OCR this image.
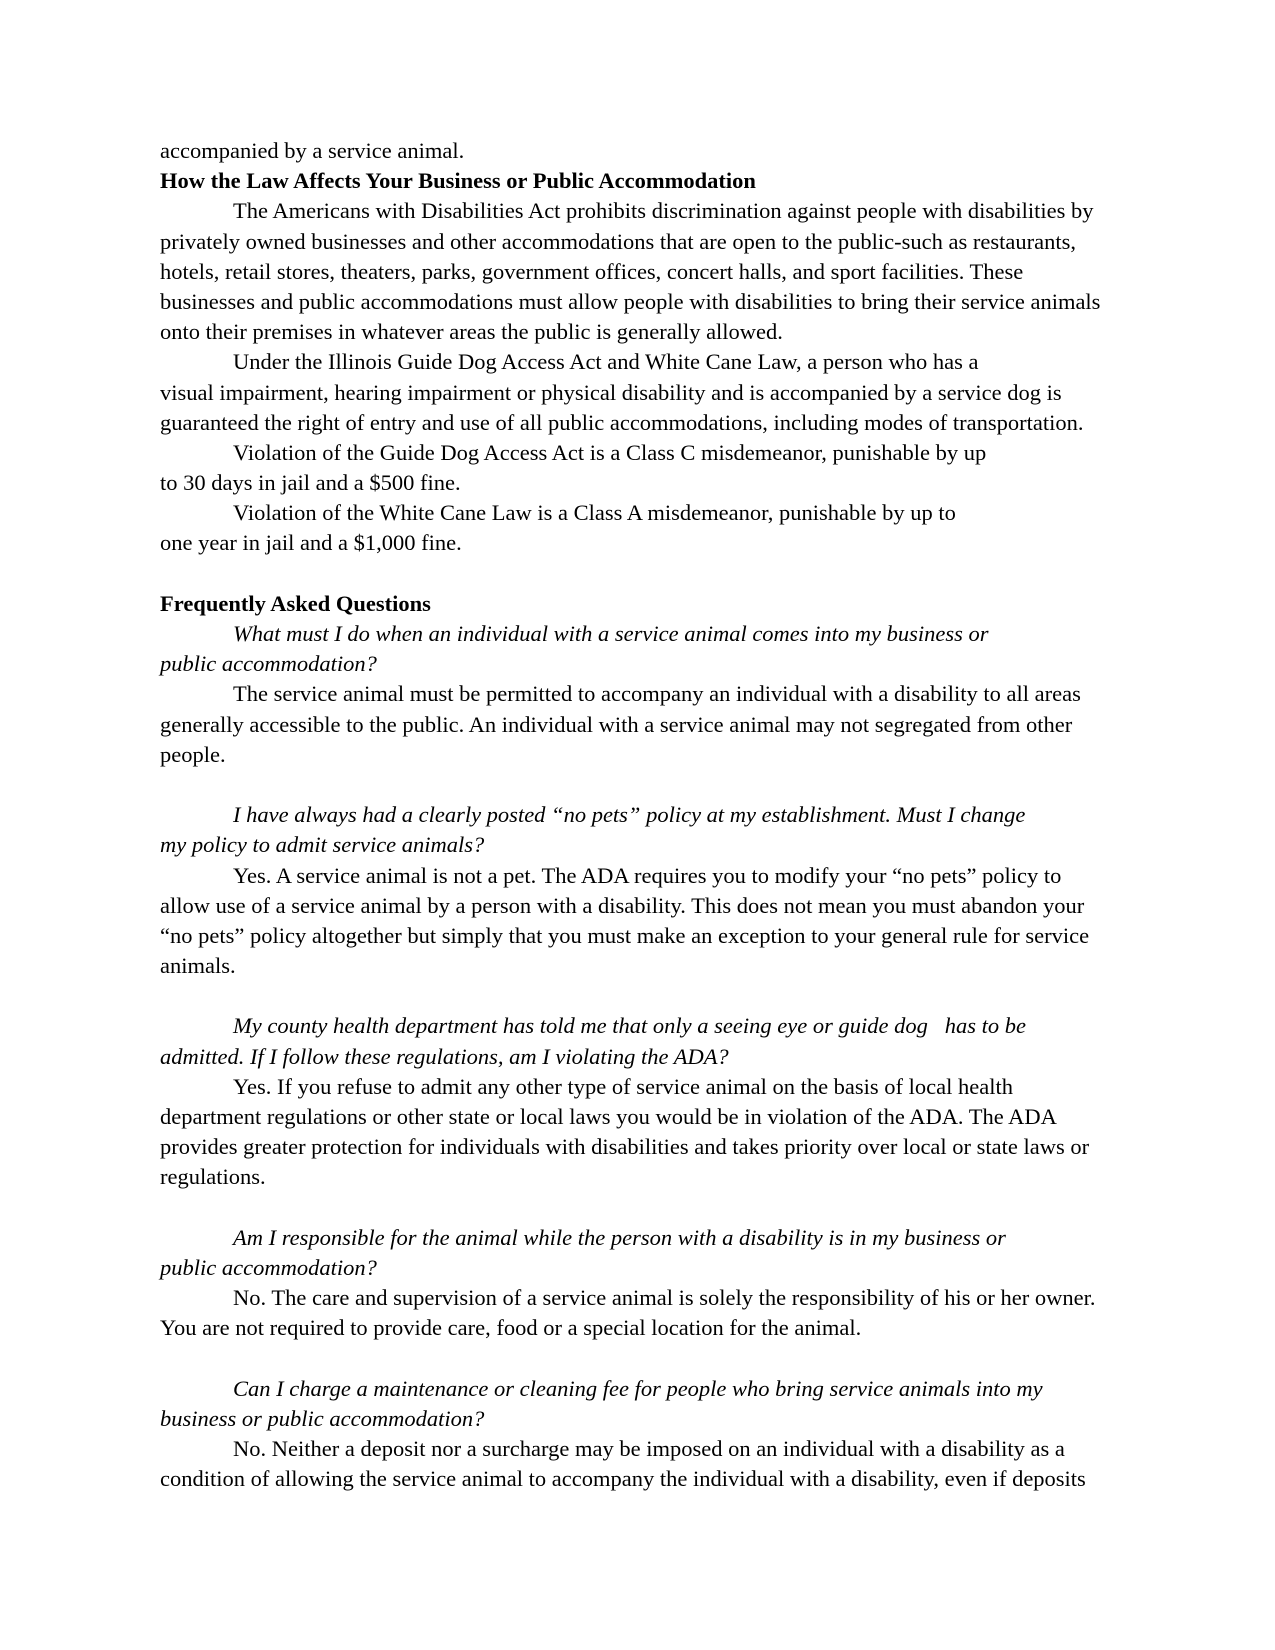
accompanied by a service animal.
How the Law Affects Your Business or Public Accommodation
The Americans with Disabilities Act prohibits discrimination against people with disabilities by
privately owned businesses and other accommodations that are open to the public-such as restaurants,
hotels, retail stores, theaters, parks, government offices, concert halls, and sport facilities. These
businesses and public accommodations must allow people with disabilities to bring their service animals
onto their premises in whatever areas the public is generally allowed.
Under the Illinois Guide Dog Access Act and White Cane Law, a person who has a
visual impairment, hearing impairment or physical disability and is accompanied by a service dog is
guaranteed the right of entry and use of all public accommodations, including modes of transportation.
Violation of the Guide Dog Access Act is a Class C misdemeanor, punishable by up
to 30 days in jail and a $500 fine.
Violation of the White Cane Law is a Class A misdemeanor, punishable by up to
one year in jail and a $1,000 fine.
Frequently Asked Questions
What must I do when an individual with a service animal comes into my business or
public accommodation?
The service animal must be permitted to accompany an individual with a disability to all areas
generally accessible to the public. An individual with a service animal may not segregated from other
people.
I have always had a clearly posted “no pets” policy at my establishment. Must I change
my policy to admit service animals?
Yes. A service animal is not a pet. The ADA requires you to modify your “no pets” policy to
allow use of a service animal by a person with a disability. This does not mean you must abandon your
“no pets” policy altogether but simply that you must make an exception to your general rule for service
animals.
My county health department has told me that only a seeing eye or guide dog   has to be
admitted. If I follow these regulations, am I violating the ADA?
Yes. If you refuse to admit any other type of service animal on the basis of local health
department regulations or other state or local laws you would be in violation of the ADA. The ADA
provides greater protection for individuals with disabilities and takes priority over local or state laws or
regulations.
Am I responsible for the animal while the person with a disability is in my business or
public accommodation?
No. The care and supervision of a service animal is solely the responsibility of his or her owner.
You are not required to provide care, food or a special location for the animal.
Can I charge a maintenance or cleaning fee for people who bring service animals into my
business or public accommodation?
No. Neither a deposit nor a surcharge may be imposed on an individual with a disability as a
condition of allowing the service animal to accompany the individual with a disability, even if deposits
